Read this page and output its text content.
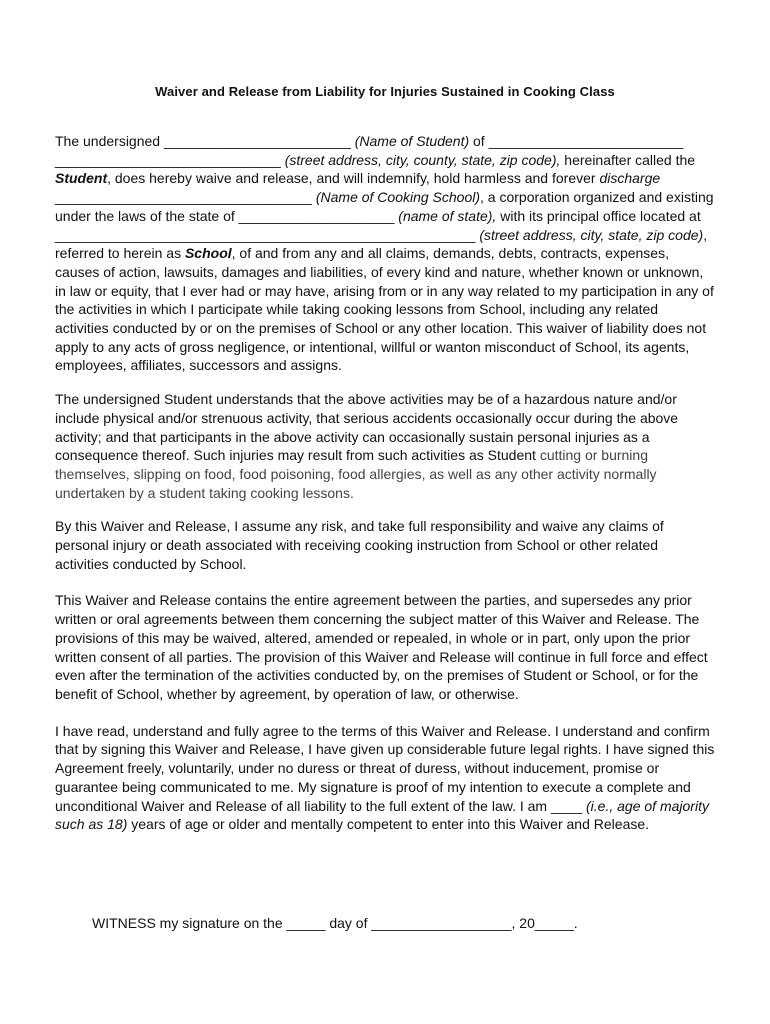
Waiver and Release from Liability for Injuries Sustained in Cooking Class

The undersigned ________________________ (Name of Student) of _________________________ _____________________________ (street address, city, county, state, zip code), hereinafter called the Student, does hereby waive and release, and will indemnify, hold harmless and forever discharge _________________________________ (Name of Cooking School), a corporation organized and existing under the laws of the state of ____________________ (name of state), with its principal office located at ______________________________________________________ (street address, city, state, zip code), referred to herein as School, of and from any and all claims, demands, debts, contracts, expenses, causes of action, lawsuits, damages and liabilities, of every kind and nature, whether known or unknown, in law or equity, that I ever had or may have, arising from or in any way related to my participation in any of the activities in which I participate while taking cooking lessons from School, including any related activities conducted by or on the premises of School or any other location. This waiver of liability does not apply to any acts of gross negligence, or intentional, willful or wanton misconduct of School, its agents, employees, affiliates, successors and assigns.

The undersigned Student understands that the above activities may be of a hazardous nature and/or include physical and/or strenuous activity, that serious accidents occasionally occur during the above activity; and that participants in the above activity can occasionally sustain personal injuries as a consequence thereof. Such injuries may result from such activities as Student cutting or burning themselves, slipping on food, food poisoning, food allergies, as well as any other activity normally undertaken by a student taking cooking lessons.

By this Waiver and Release, I assume any risk, and take full responsibility and waive any claims of personal injury or death associated with receiving cooking instruction from School or other related activities conducted by School.

This Waiver and Release contains the entire agreement between the parties, and supersedes any prior written or oral agreements between them concerning the subject matter of this Waiver and Release. The provisions of this may be waived, altered, amended or repealed, in whole or in part, only upon the prior written consent of all parties. The provision of this Waiver and Release will continue in full force and effect even after the termination of the activities conducted by, on the premises of Student or School, or for the benefit of School, whether by agreement, by operation of law, or otherwise.

I have read, understand and fully agree to the terms of this Waiver and Release. I understand and confirm that by signing this Waiver and Release, I have given up considerable future legal rights. I have signed this Agreement freely, voluntarily, under no duress or threat of duress, without inducement, promise or guarantee being communicated to me. My signature is proof of my intention to execute a complete and unconditional Waiver and Release of all liability to the full extent of the law. I am ____ (i.e., age of majority such as 18) years of age or older and mentally competent to enter into this Waiver and Release.

WITNESS my signature on the _____ day of __________________, 20_____.
